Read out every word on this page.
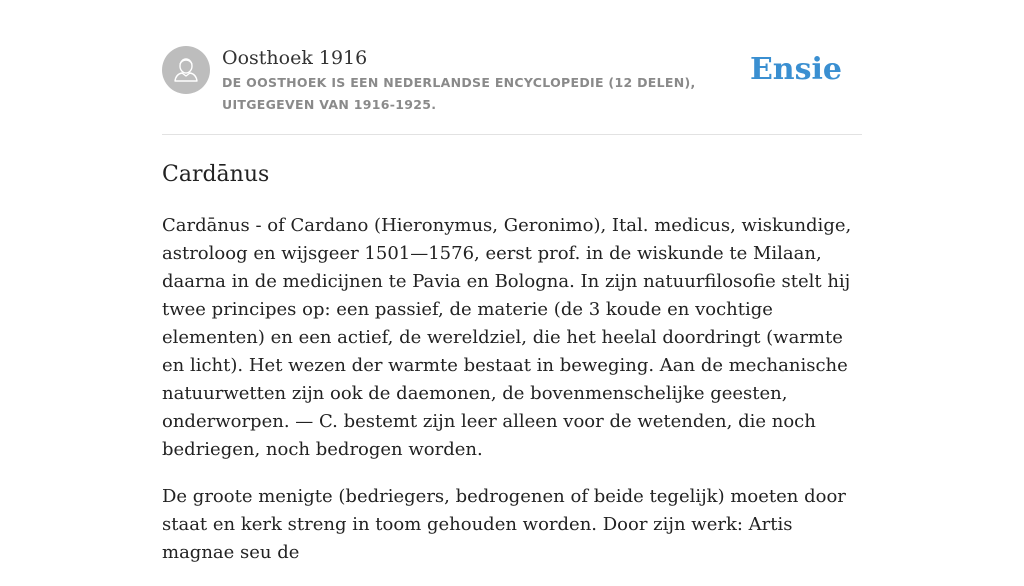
Oosthoek 1916
DE OOSTHOEK IS EEN NEDERLANDSE ENCYCLOPEDIE (12 DELEN), UITGEGEVEN VAN 1916-1925.
Ensie
Cardānus

Cardānus - of Cardano (Hieronymus, Geronimo), Ital. medicus, wiskundige, astroloog en wijsgeer 1501—1576, eerst prof. in de wiskunde te Milaan, daarna in de medicijnen te Pavia en Bologna. In zijn natuurfilosofie stelt hij twee principes op: een passief, de materie (de 3 koude en vochtige elementen) en een actief, de wereldziel, die het heelal doordringt (warmte en licht). Het wezen der warmte bestaat in beweging. Aan de mechanische natuurwetten zijn ook de daemonen, de bovenmenschelijke geesten, onderworpen. — C. bestemt zijn leer alleen voor de wetenden, die noch bedriegen, noch bedrogen worden.

De groote menigte (bedriegers, bedrogenen of beide tegelijk) moeten door staat en kerk streng in toom gehouden worden. Door zijn werk: Artis magnae seu de
